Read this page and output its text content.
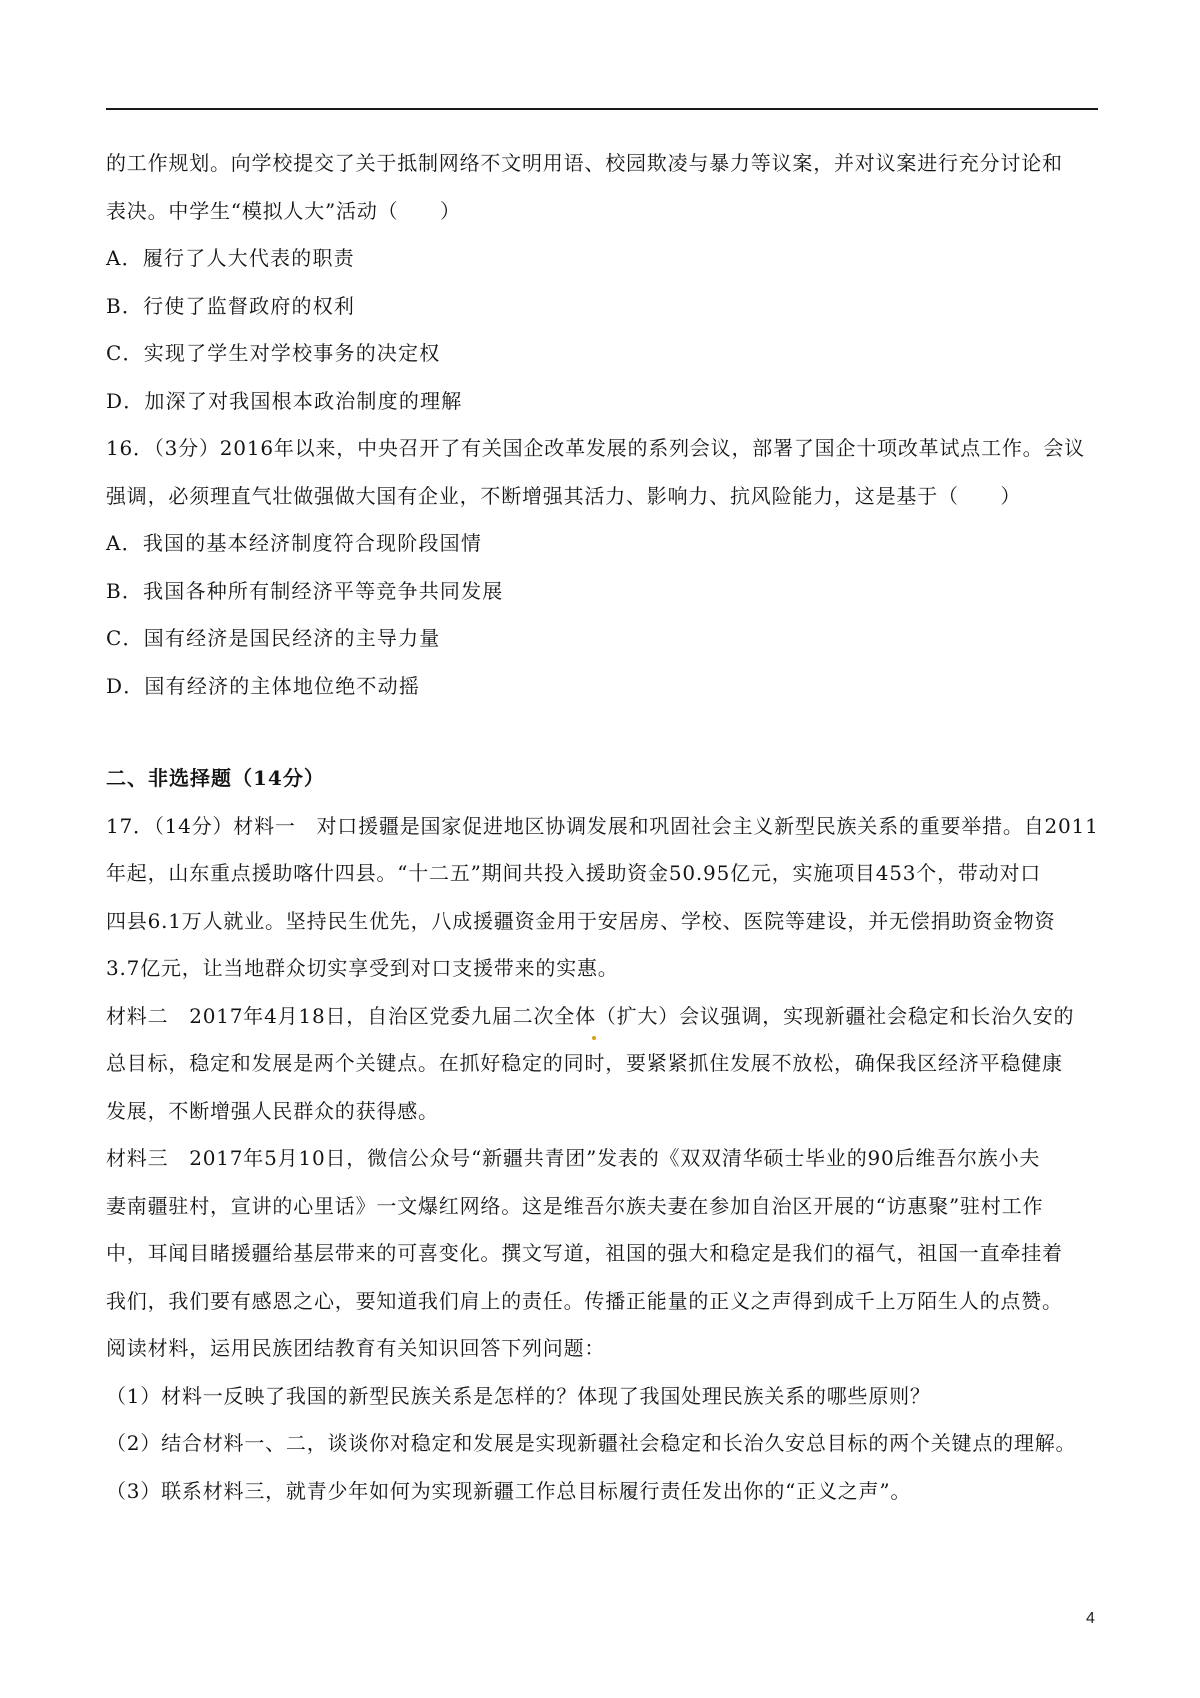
的工作规划。向学校提交了关于抵制网络不文明用语、校园欺凌与暴力等议案，并对议案进行充分讨论和
表决。中学生“模拟人大”活动（　　）
A．履行了人大代表的职责
B．行使了监督政府的权利
C．实现了学生对学校事务的决定权
D．加深了对我国根本政治制度的理解
16．（3分）2016年以来，中央召开了有关国企改革发展的系列会议，部署了国企十项改革试点工作。会议
强调，必须理直气壮做强做大国有企业，不断增强其活力、影响力、抗风险能力，这是基于（　　）
A．我国的基本经济制度符合现阶段国情
B．我国各种所有制经济平等竞争共同发展
C．国有经济是国民经济的主导力量
D．国有经济的主体地位绝不动摇
二、非选择题（14分）
17．（14分）材料一　对口援疆是国家促进地区协调发展和巩固社会主义新型民族关系的重要举措。自2011
年起，山东重点援助喀什四县。“十二五”期间共投入援助资金50.95亿元，实施项目453个，带动对口
四县6.1万人就业。坚持民生优先，八成援疆资金用于安居房、学校、医院等建设，并无偿捐助资金物资
3.7亿元，让当地群众切实享受到对口支援带来的实惠。
材料二　2017年4月18日，自治区党委九届二次全体（扩大）会议强调，实现新疆社会稳定和长治久安的
总目标，稳定和发展是两个关键点。在抓好稳定的同时，要紧紧抓住发展不放松，确保我区经济平稳健康
发展，不断增强人民群众的获得感。
材料三　2017年5月10日，微信公众号“新疆共青团”发表的《双双清华硕士毕业的90后维吾尔族小夫
妻南疆驻村，宣讲的心里话》一文爆红网络。这是维吾尔族夫妻在参加自治区开展的“访惠聚”驻村工作
中，耳闻目睹援疆给基层带来的可喜变化。撰文写道，祖国的强大和稳定是我们的福气，祖国一直牵挂着
我们，我们要有感恩之心，要知道我们肩上的责任。传播正能量的正义之声得到成千上万陌生人的点赞。
阅读材料，运用民族团结教育有关知识回答下列问题：
（1）材料一反映了我国的新型民族关系是怎样的？体现了我国处理民族关系的哪些原则？
（2）结合材料一、二，谈谈你对稳定和发展是实现新疆社会稳定和长治久安总目标的两个关键点的理解。
（3）联系材料三，就青少年如何为实现新疆工作总目标履行责任发出你的“正义之声”。
4
